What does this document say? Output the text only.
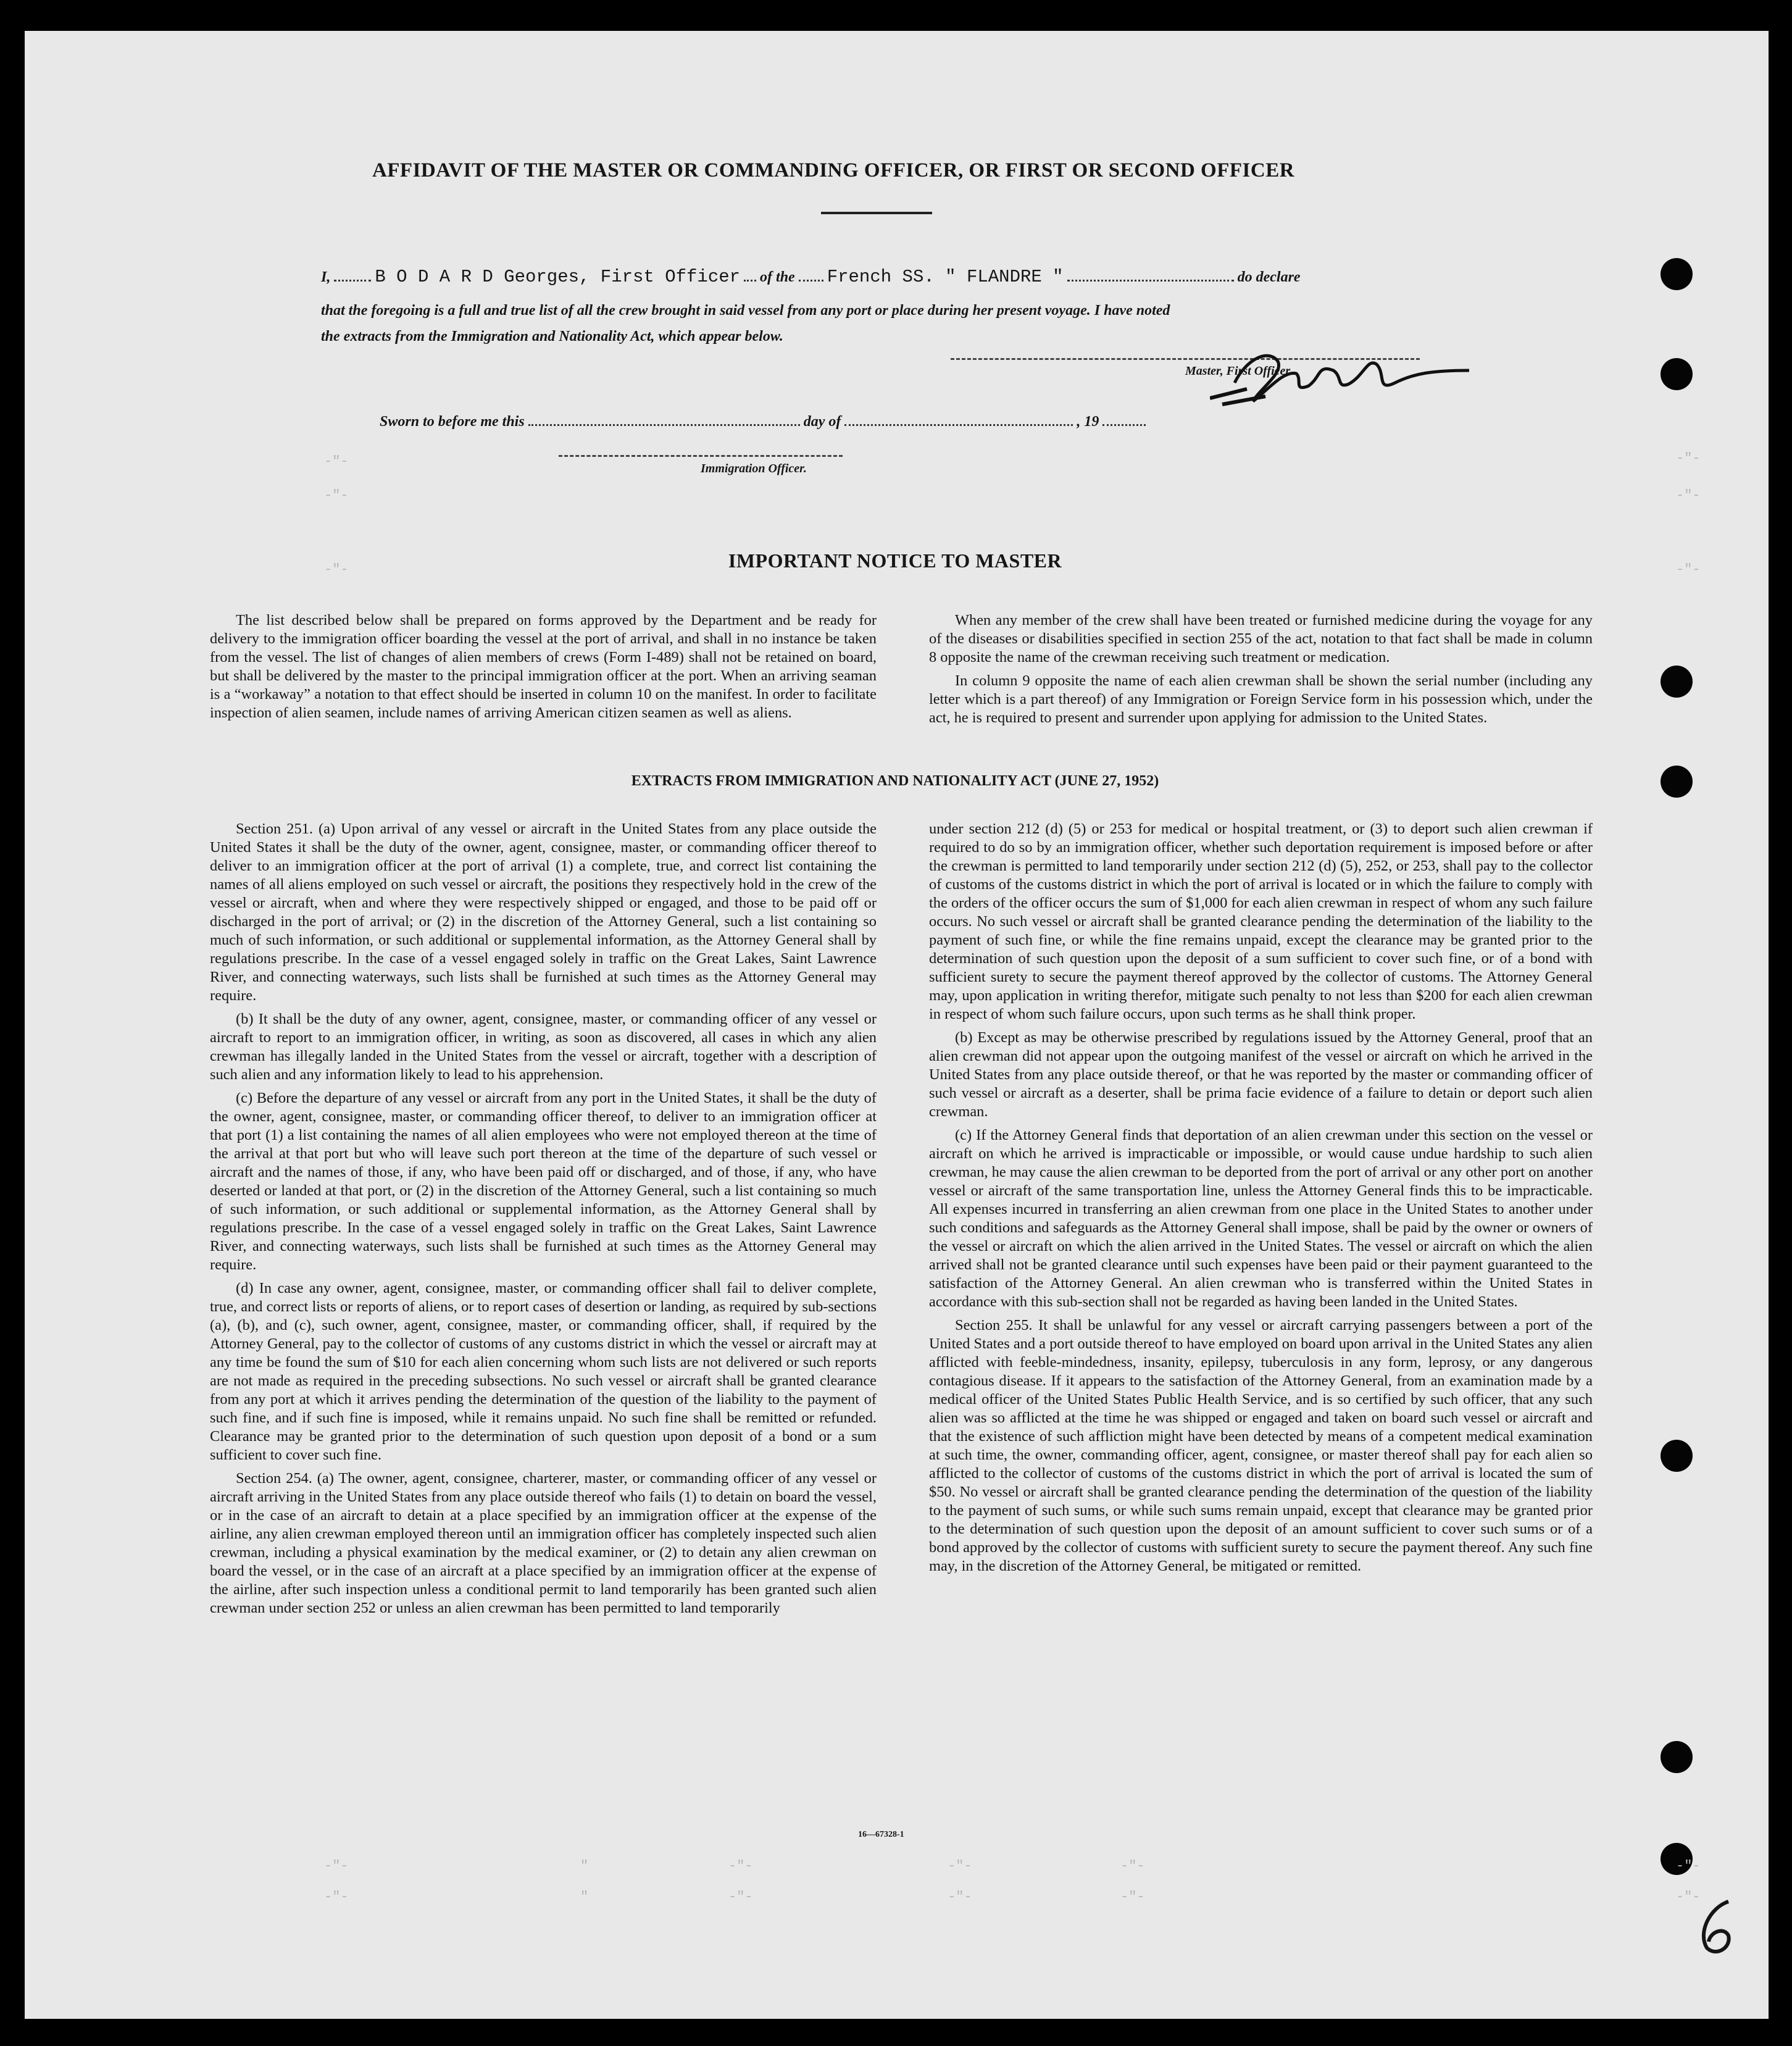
-"-
-"-
-"-
-"-
-"-
-"-
-"-	"	-"-	-"-	-"-	-"-
-"-	"	-"-	-"-	-"-	-"-
AFFIDAVIT OF THE MASTER OR COMMANDING OFFICER, OR FIRST OR SECOND OFFICER
I, B O D A R D Georges, First Officer of the French SS. " FLANDRE "	do declare
that the foregoing is a full and true list of all the crew brought in said vessel from any port or place during her present voyage. I have noted
the extracts from the Immigration and Nationality Act, which appear below.
Master, First Officer.
Sworn to before me this	day of	, 19
Immigration Officer.
IMPORTANT NOTICE TO MASTER

The list described below shall be prepared on forms approved by the Department and be ready for delivery to the immigration officer boarding the vessel at the port of arrival, and shall in no instance be taken from the vessel. The list of changes of alien members of crews (Form I-489) shall not be retained on board, but shall be delivered by the master to the principal immigration officer at the port. When an arriving seaman is a “workaway” a notation to that effect should be inserted in column 10 on the manifest. In order to facilitate inspection of alien seamen, include names of arriving American citizen seamen as well as aliens.

When any member of the crew shall have been treated or furnished medicine during the voyage for any of the diseases or disabilities specified in section 255 of the act, notation to that fact shall be made in column 8 opposite the name of the crewman receiving such treatment or medication.

In column 9 opposite the name of each alien crewman shall be shown the serial number (including any letter which is a part thereof) of any Immigration or Foreign Service form in his possession which, under the act, he is required to present and surrender upon applying for admission to the United States.

EXTRACTS FROM IMMIGRATION AND NATIONALITY ACT (JUNE 27, 1952)

Section 251. (a) Upon arrival of any vessel or aircraft in the United States from any place outside the United States it shall be the duty of the owner, agent, consignee, master, or commanding officer thereof to deliver to an immigration officer at the port of arrival (1) a complete, true, and correct list containing the names of all aliens employed on such vessel or aircraft, the positions they respectively hold in the crew of the vessel or aircraft, when and where they were respectively shipped or engaged, and those to be paid off or discharged in the port of arrival; or (2) in the discretion of the Attorney General, such a list containing so much of such information, or such additional or supplemental information, as the Attorney General shall by regulations prescribe. In the case of a vessel engaged solely in traffic on the Great Lakes, Saint Lawrence River, and connecting waterways, such lists shall be furnished at such times as the Attorney General may require.

(b) It shall be the duty of any owner, agent, consignee, master, or commanding officer of any vessel or aircraft to report to an immigration officer, in writing, as soon as discovered, all cases in which any alien crewman has illegally landed in the United States from the vessel or aircraft, together with a description of such alien and any information likely to lead to his apprehension.

(c) Before the departure of any vessel or aircraft from any port in the United States, it shall be the duty of the owner, agent, consignee, master, or commanding officer thereof, to deliver to an immigration officer at that port (1) a list containing the names of all alien employees who were not employed thereon at the time of the arrival at that port but who will leave such port thereon at the time of the departure of such vessel or aircraft and the names of those, if any, who have been paid off or discharged, and of those, if any, who have deserted or landed at that port, or (2) in the discretion of the Attorney General, such a list containing so much of such information, or such additional or supplemental information, as the Attorney General shall by regulations prescribe. In the case of a vessel engaged solely in traffic on the Great Lakes, Saint Lawrence River, and connecting waterways, such lists shall be furnished at such times as the Attorney General may require.

(d) In case any owner, agent, consignee, master, or commanding officer shall fail to deliver complete, true, and correct lists or reports of aliens, or to report cases of desertion or landing, as required by sub-sections (a), (b), and (c), such owner, agent, consignee, master, or commanding officer, shall, if required by the Attorney General, pay to the collector of customs of any customs district in which the vessel or aircraft may at any time be found the sum of $10 for each alien concerning whom such lists are not delivered or such reports are not made as required in the preceding subsections. No such vessel or aircraft shall be granted clearance from any port at which it arrives pending the determination of the question of the liability to the payment of such fine, and if such fine is imposed, while it remains unpaid. No such fine shall be remitted or refunded. Clearance may be granted prior to the determination of such question upon deposit of a bond or a sum sufficient to cover such fine.

Section 254. (a) The owner, agent, consignee, charterer, master, or commanding officer of any vessel or aircraft arriving in the United States from any place outside thereof who fails (1) to detain on board the vessel, or in the case of an aircraft to detain at a place specified by an immigration officer at the expense of the airline, any alien crewman employed thereon until an immigration officer has completely inspected such alien crewman, including a physical examination by the medical examiner, or (2) to detain any alien crewman on board the vessel, or in the case of an aircraft at a place specified by an immigration officer at the expense of the airline, after such inspection unless a conditional permit to land temporarily has been granted such alien crewman under section 252 or unless an alien crewman has been permitted to land temporarily

under section 212 (d) (5) or 253 for medical or hospital treatment, or (3) to deport such alien crewman if required to do so by an immigration officer, whether such deportation requirement is imposed before or after the crewman is permitted to land temporarily under section 212 (d) (5), 252, or 253, shall pay to the collector of customs of the customs district in which the port of arrival is located or in which the failure to comply with the orders of the officer occurs the sum of $1,000 for each alien crewman in respect of whom any such failure occurs. No such vessel or aircraft shall be granted clearance pending the determination of the liability to the payment of such fine, or while the fine remains unpaid, except the clearance may be granted prior to the determination of such question upon the deposit of a sum sufficient to cover such fine, or of a bond with sufficient surety to secure the payment thereof approved by the collector of customs. The Attorney General may, upon application in writing therefor, mitigate such penalty to not less than $200 for each alien crewman in respect of whom such failure occurs, upon such terms as he shall think proper.

(b) Except as may be otherwise prescribed by regulations issued by the Attorney General, proof that an alien crewman did not appear upon the outgoing manifest of the vessel or aircraft on which he arrived in the United States from any place outside thereof, or that he was reported by the master or commanding officer of such vessel or aircraft as a deserter, shall be prima facie evidence of a failure to detain or deport such alien crewman.

(c) If the Attorney General finds that deportation of an alien crewman under this section on the vessel or aircraft on which he arrived is impracticable or impossible, or would cause undue hardship to such alien crewman, he may cause the alien crewman to be deported from the port of arrival or any other port on another vessel or aircraft of the same transportation line, unless the Attorney General finds this to be impracticable. All expenses incurred in transferring an alien crewman from one place in the United States to another under such conditions and safeguards as the Attorney General shall impose, shall be paid by the owner or owners of the vessel or aircraft on which the alien arrived in the United States. The vessel or aircraft on which the alien arrived shall not be granted clearance until such expenses have been paid or their payment guaranteed to the satisfaction of the Attorney General. An alien crewman who is transferred within the United States in accordance with this sub-section shall not be regarded as having been landed in the United States.

Section 255. It shall be unlawful for any vessel or aircraft carrying passengers between a port of the United States and a port outside thereof to have employed on board upon arrival in the United States any alien afflicted with feeble-mindedness, insanity, epilepsy, tuberculosis in any form, leprosy, or any dangerous contagious disease. If it appears to the satisfaction of the Attorney General, from an examination made by a medical officer of the United States Public Health Service, and is so certified by such officer, that any such alien was so afflicted at the time he was shipped or engaged and taken on board such vessel or aircraft and that the existence of such affliction might have been detected by means of a competent medical examination at such time, the owner, commanding officer, agent, consignee, or master thereof shall pay for each alien so afflicted to the collector of customs of the customs district in which the port of arrival is located the sum of $50. No vessel or aircraft shall be granted clearance pending the determination of the question of the liability to the payment of such sums, or while such sums remain unpaid, except that clearance may be granted prior to the determination of such question upon the deposit of an amount sufficient to cover such sums or of a bond approved by the collector of customs with sufficient surety to secure the payment thereof. Any such fine may, in the discretion of the Attorney General, be mitigated or remitted.

16—67328-1
